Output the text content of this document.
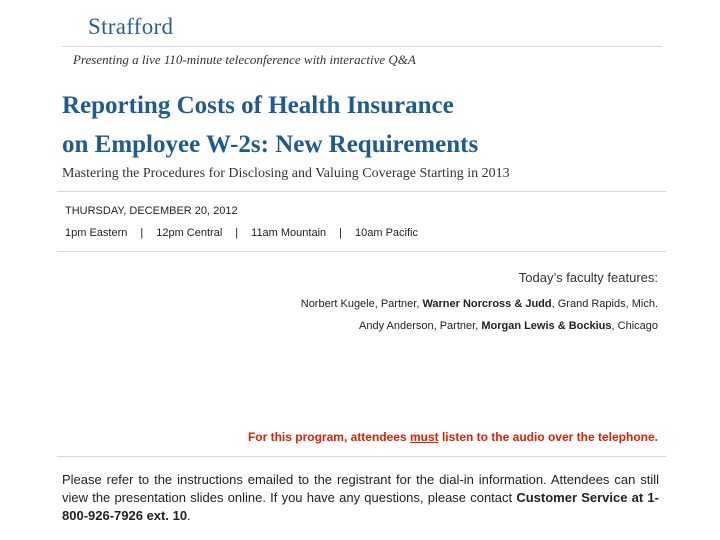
Strafford
Presenting a live 110-minute teleconference with interactive Q&A
Reporting Costs of Health Insurance
on Employee W-2s: New Requirements
Mastering the Procedures for Disclosing and Valuing Coverage Starting in 2013
THURSDAY, DECEMBER 20, 2012
1pm Eastern | 12pm Central | 11am Mountain | 10am Pacific
Today’s faculty features:
Norbert Kugele, Partner, Warner Norcross & Judd, Grand Rapids, Mich.
Andy Anderson, Partner, Morgan Lewis & Bockius, Chicago
For this program, attendees must listen to the audio over the telephone.
Please refer to the instructions emailed to the registrant for the dial-in information. Attendees can still view the presentation slides online. If you have any questions, please contact Customer Service at 1-800-926-7926 ext. 10.
